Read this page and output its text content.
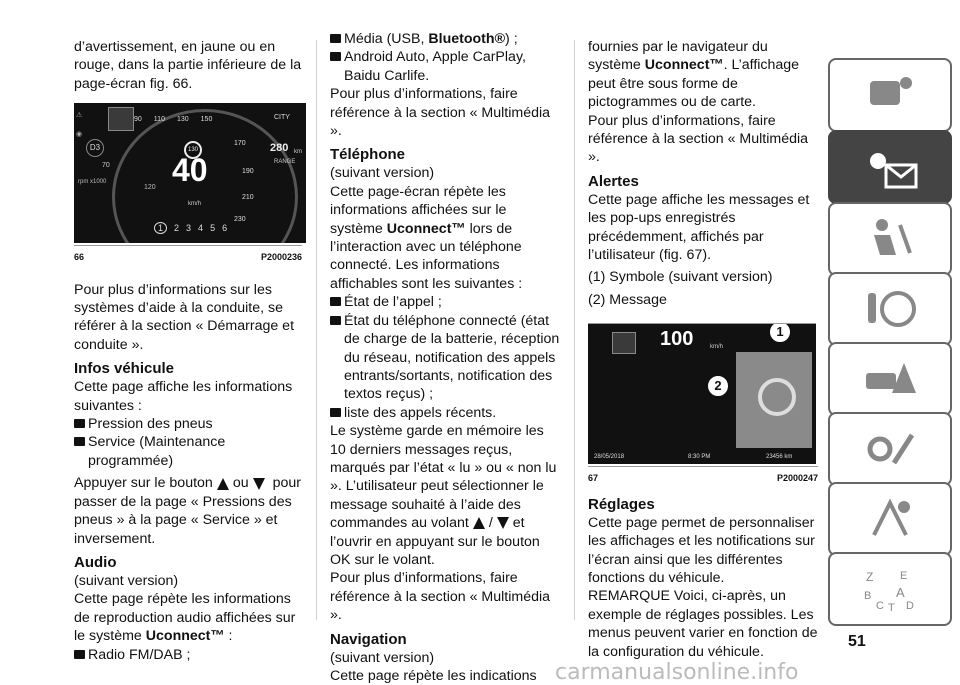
d’avertissement, en jaune ou en rouge, dans la partie inférieure de la page-écran fig. 66.

⚠
◉
D3
rpm x1000
70
90 110 130 150
170
190
210
230
130
120 40
km/h
CITY
280 km
RANGE
1 2 3 4 5 6
66	P2000236

Pour plus d’informations sur les systèmes d’aide à la conduite, se référer à la section « Démarrage et conduite ».

Infos véhicule

Cette page affiche les informations suivantes :

Pression des pneus

Service (Maintenance programmée)

Appuyer sur le bouton ou pour passer de la page « Pressions des pneus » à la page « Service » et inversement.

Audio

(suivant version)

Cette page répète les informations de reproduction audio affichées sur le système Uconnect™ :

Radio FM/DAB ;

Média (USB, Bluetooth®) ;

Android Auto, Apple CarPlay, Baidu Carlife.

Pour plus d’informations, faire référence à la section « Multimédia ».

Téléphone

(suivant version)

Cette page-écran répète les informations affichées sur le système Uconnect™ lors de l’interaction avec un téléphone connecté. Les informations affichables sont les suivantes :

État de l’appel ;

État du téléphone connecté (état de charge de la batterie, réception du réseau, notification des appels entrants/sortants, notification des textos reçus) ;

liste des appels récents.

Le système garde en mémoire les 10 derniers messages reçus, marqués par l’état « lu » ou « non lu ». L’utilisateur peut sélectionner le message souhaité à l’aide des commandes au volant / et l’ouvrir en appuyant sur le bouton OK sur le volant.

Pour plus d’informations, faire référence à la section « Multimédia ».

Navigation

(suivant version)

Cette page répète les indications

fournies par le navigateur du système Uconnect™. L’affichage peut être sous forme de pictogrammes ou de carte.

Pour plus d’informations, faire référence à la section « Multimédia ».

Alertes

Cette page affiche les messages et les pop-ups enregistrés précédemment, affichés par l’utilisateur (fig. 67).

(1) Symbole (suivant version)

(2) Message

100	km/h
1
2
28/05/2018	8:30 PM	23456 km
67	P2000247

Réglages

Cette page permet de personnaliser les affichages et les notifications sur l’écran ainsi que les différentes fonctions du véhicule.

REMARQUE Voici, ci-après, un exemple de réglages possibles. Les menus peuvent varier en fonction de la configuration du véhicule.

Z E
B A
C T D
51
carmanualsonline.info
